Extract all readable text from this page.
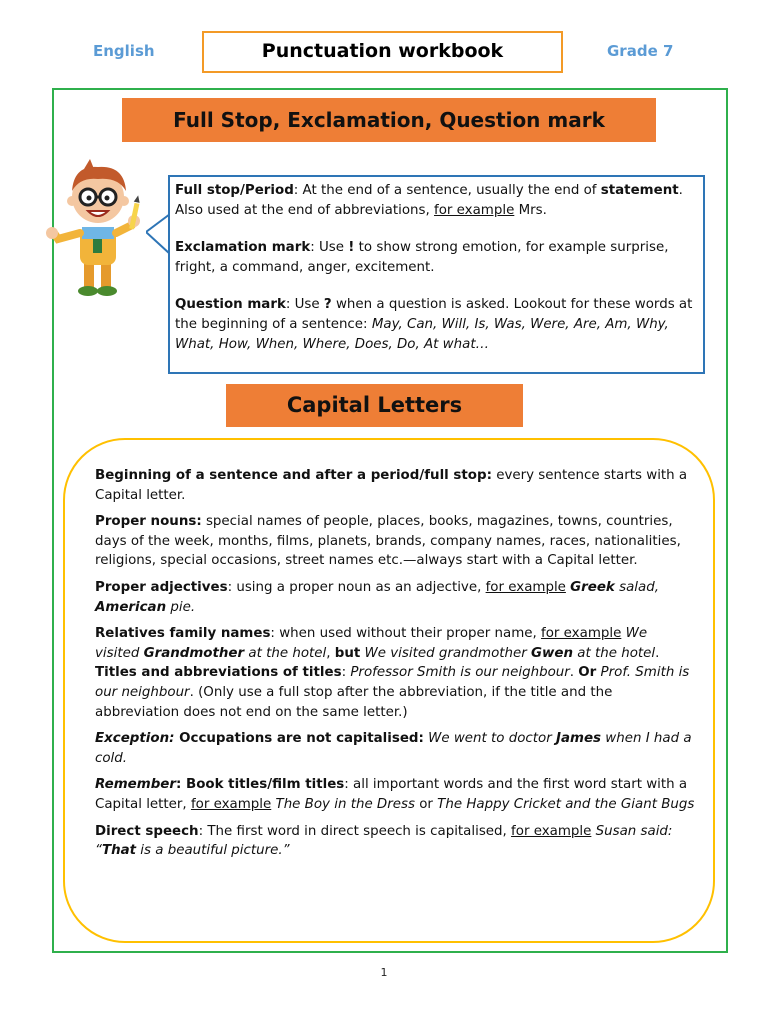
English	Punctuation workbook	Grade 7
Full Stop, Exclamation, Question mark

Full stop/Period: At the end of a sentence, usually the end of statement. Also used at the end of abbreviations, for example Mrs.

Exclamation mark: Use ! to show strong emotion, for example surprise, fright, a command, anger, excitement.

Question mark: Use ? when a question is asked. Lookout for these words at the beginning of a sentence: May, Can, Will, Is, Was, Were, Are, Am, Why, What, How, When, Where, Does, Do, At what…

Capital Letters

Beginning of a sentence and after a period/full stop: every sentence starts with a Capital letter.

Proper nouns: special names of people, places, books, magazines, towns, countries, days of the week, months, films, planets, brands, company names, races, nationalities, religions, special occasions, street names etc.—always start with a Capital letter.

Proper adjectives: using a proper noun as an adjective, for example Greek salad, American pie.

Relatives family names: when used without their proper name, for example We visited Grandmother at the hotel, but We visited grandmother Gwen at the hotel.

Titles and abbreviations of titles: Professor Smith is our neighbour. Or Prof. Smith is our neighbour. (Only use a full stop after the abbreviation, if the title and the abbreviation does not end on the same letter.)

Exception: Occupations are not capitalised: We went to doctor James when I had a cold.

Remember: Book titles/film titles: all important words and the first word start with a Capital letter, for example The Boy in the Dress or The Happy Cricket and the Giant Bugs

Direct speech: The first word in direct speech is capitalised, for example Susan said: “That is a beautiful picture.”

1
